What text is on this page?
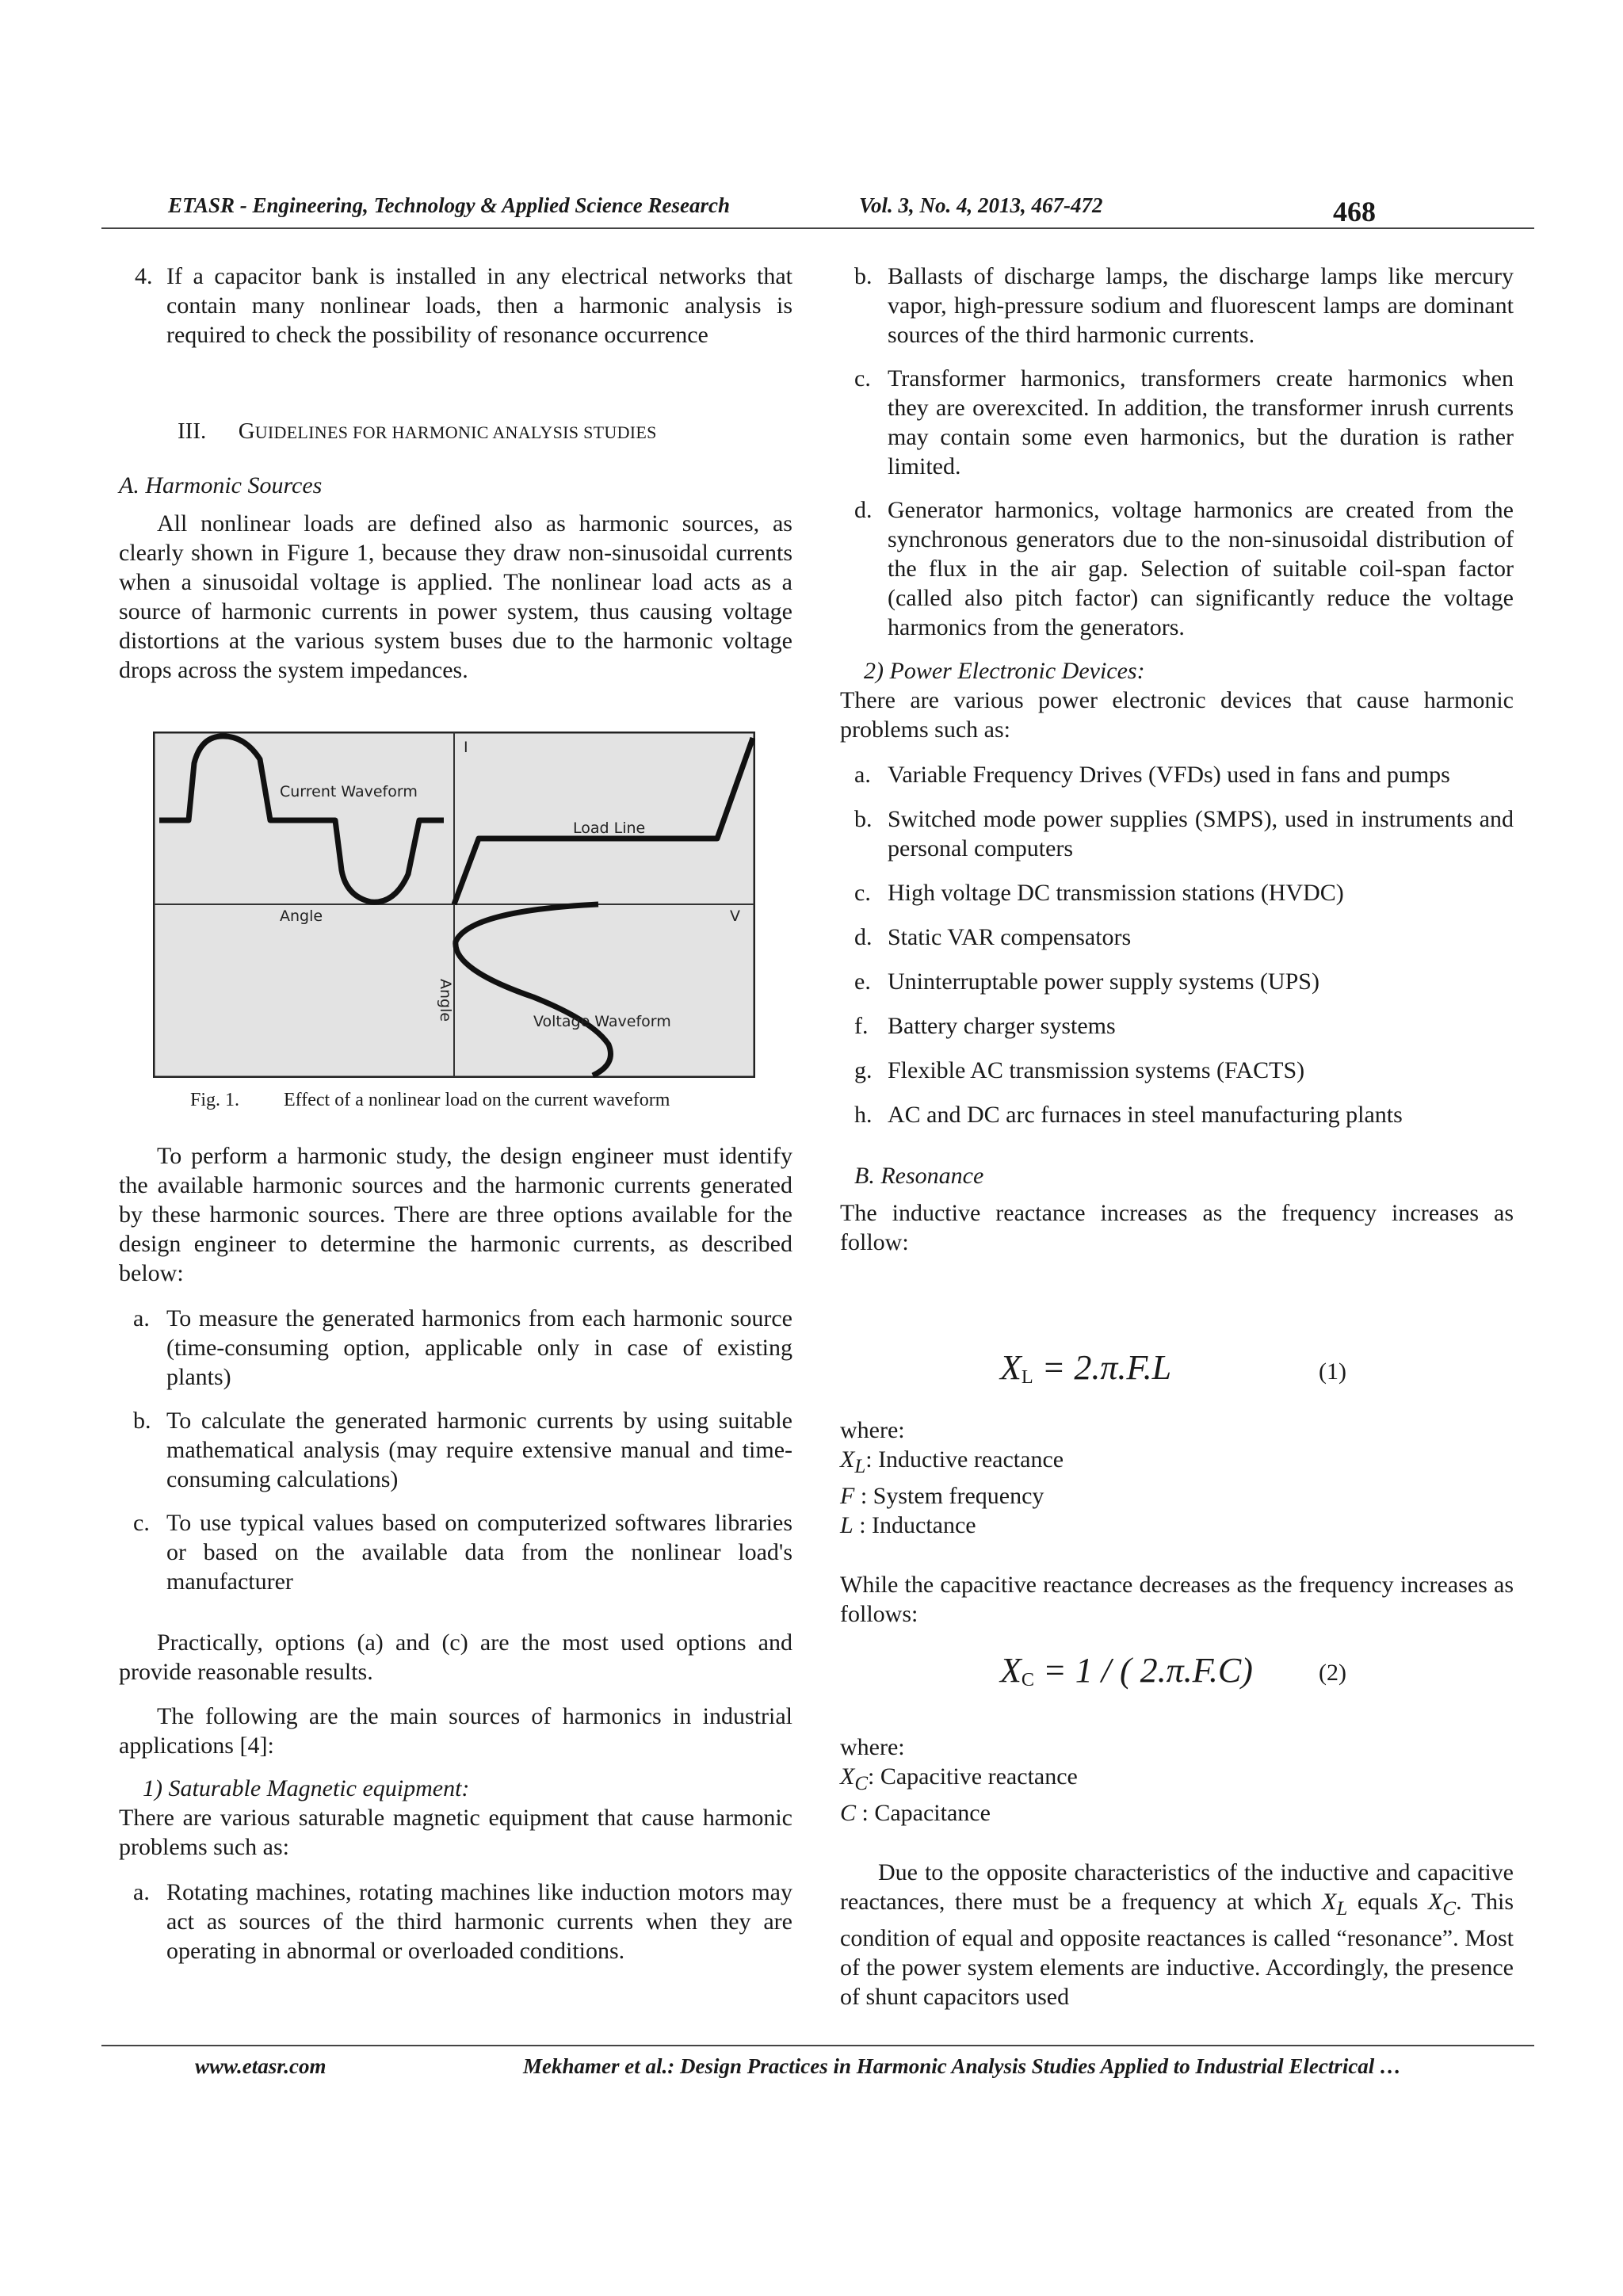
ETASR - Engineering, Technology & Applied Science Research	Vol. 3, No. 4, 2013, 467-472	468
4. If a capacitor bank is installed in any electrical networks that contain many nonlinear loads, then a harmonic analysis is required to check the possibility of resonance occurrence
III. GUIDELINES FOR HARMONIC ANALYSIS STUDIES
A. Harmonic Sources

All nonlinear loads are defined also as harmonic sources, as clearly shown in Figure 1, because they draw non-sinusoidal currents when a sinusoidal voltage is applied. The nonlinear load acts as a source of harmonic currents in power system, thus causing voltage distortions at the various system buses due to the harmonic voltage drops across the system impedances.

Current Waveform
Load Line
Angle	V
I
Angle	Voltage Waveform
Fig. 1. Effect of a nonlinear load on the current waveform

To perform a harmonic study, the design engineer must identify the available harmonic sources and the harmonic currents generated by these harmonic sources. There are three options available for the design engineer to determine the harmonic currents, as described below:

a. To measure the generated harmonics from each harmonic source (time-consuming option, applicable only in case of existing plants)
b. To calculate the generated harmonic currents by using suitable mathematical analysis (may require extensive manual and time-consuming calculations)
c. To use typical values based on computerized softwares libraries or based on the available data from the nonlinear load's manufacturer

Practically, options (a) and (c) are the most used options and provide reasonable results.

The following are the main sources of harmonics in industrial applications [4]:

1) Saturable Magnetic equipment:

There are various saturable magnetic equipment that cause harmonic problems such as:

a. Rotating machines, rotating machines like induction motors may act as sources of the third harmonic currents when they are operating in abnormal or overloaded conditions.
b. Ballasts of discharge lamps, the discharge lamps like mercury vapor, high-pressure sodium and fluorescent lamps are dominant sources of the third harmonic currents.
c. Transformer harmonics, transformers create harmonics when they are overexcited. In addition, the transformer inrush currents may contain some even harmonics, but the duration is rather limited.
d. Generator harmonics, voltage harmonics are created from the synchronous generators due to the non-sinusoidal distribution of the flux in the air gap. Selection of suitable coil-span factor (called also pitch factor) can significantly reduce the voltage harmonics from the generators.

2) Power Electronic Devices:

There are various power electronic devices that cause harmonic problems such as:

a. Variable Frequency Drives (VFDs) used in fans and pumps
b. Switched mode power supplies (SMPS), used in instruments and personal computers
c. High voltage DC transmission stations (HVDC)
d. Static VAR compensators
e. Uninterruptable power supply systems (UPS)
f. Battery charger systems
g. Flexible AC transmission systems (FACTS)
h. AC and DC arc furnaces in steel manufacturing plants

B. Resonance

The inductive reactance increases as the frequency increases as follow:

$X_L = 2.\pi.F.L$	(1)

where:

$X_L$: Inductive reactance
F : System frequency
L : Inductance

While the capacitive reactance decreases as the frequency increases as follows:

$X_C = 1$ / ( 2.π.F.C)	(2)

where:

$X_C$: Capacitive reactance
C : Capacitance

Due to the opposite characteristics of the inductive and capacitive reactances, there must be a frequency at which $X_L$ equals $X_C$. This condition of equal and opposite reactances is called “resonance”. Most of the power system elements are inductive. Accordingly, the presence of shunt capacitors used

www.etasr.com	Mekhamer et al.: Design Practices in Harmonic Analysis Studies Applied to Industrial Electrical …
